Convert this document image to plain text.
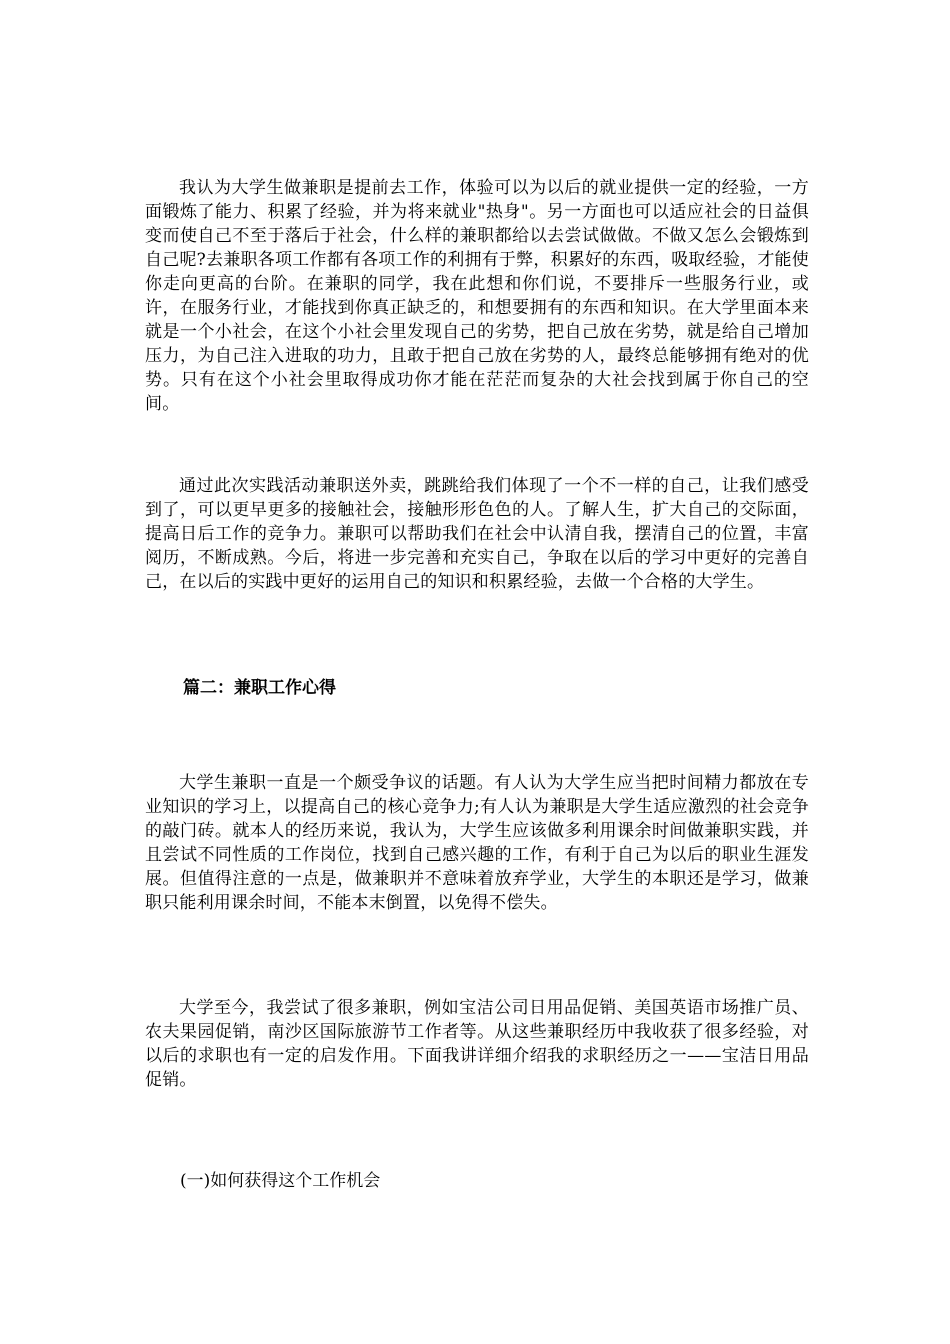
我认为大学生做兼职是提前去工作，体验可以为以后的就业提供一定的经验，一方面锻炼了能力、积累了经验，并为将来就业"热身"。另一方面也可以适应社会的日益俱变而使自己不至于落后于社会，什么样的兼职都给以去尝试做做。不做又怎么会锻炼到自己呢?去兼职各项工作都有各项工作的利拥有于弊，积累好的东西，吸取经验，才能使你走向更高的台阶。在兼职的同学，我在此想和你们说，不要排斥一些服务行业，或许，在服务行业，才能找到你真正缺乏的，和想要拥有的东西和知识。在大学里面本来就是一个小社会，在这个小社会里发现自己的劣势，把自己放在劣势，就是给自己增加压力，为自己注入进取的功力，且敢于把自己放在劣势的人，最终总能够拥有绝对的优势。只有在这个小社会里取得成功你才能在茫茫而复杂的大社会找到属于你自己的空间。

通过此次实践活动兼职送外卖，跳跳给我们体现了一个不一样的自己，让我们感受到了，可以更早更多的接触社会，接触形形色色的人。了解人生，扩大自己的交际面，提高日后工作的竞争力。兼职可以帮助我们在社会中认清自我，摆清自己的位置，丰富阅历，不断成熟。今后，将进一步完善和充实自己，争取在以后的学习中更好的完善自己，在以后的实践中更好的运用自己的知识和积累经验，去做一个合格的大学生。

篇二：兼职工作心得

大学生兼职一直是一个颇受争议的话题。有人认为大学生应当把时间精力都放在专业知识的学习上，以提高自己的核心竞争力;有人认为兼职是大学生适应激烈的社会竞争的敲门砖。就本人的经历来说，我认为，大学生应该做多利用课余时间做兼职实践，并且尝试不同性质的工作岗位，找到自己感兴趣的工作，有利于自己为以后的职业生涯发展。但值得注意的一点是，做兼职并不意味着放弃学业，大学生的本职还是学习，做兼职只能利用课余时间，不能本末倒置，以免得不偿失。

大学至今，我尝试了很多兼职，例如宝洁公司日用品促销、美国英语市场推广员、农夫果园促销，南沙区国际旅游节工作者等。从这些兼职经历中我收获了很多经验，对以后的求职也有一定的启发作用。下面我讲详细介绍我的求职经历之一——宝洁日用品促销。

(一)如何获得这个工作机会
